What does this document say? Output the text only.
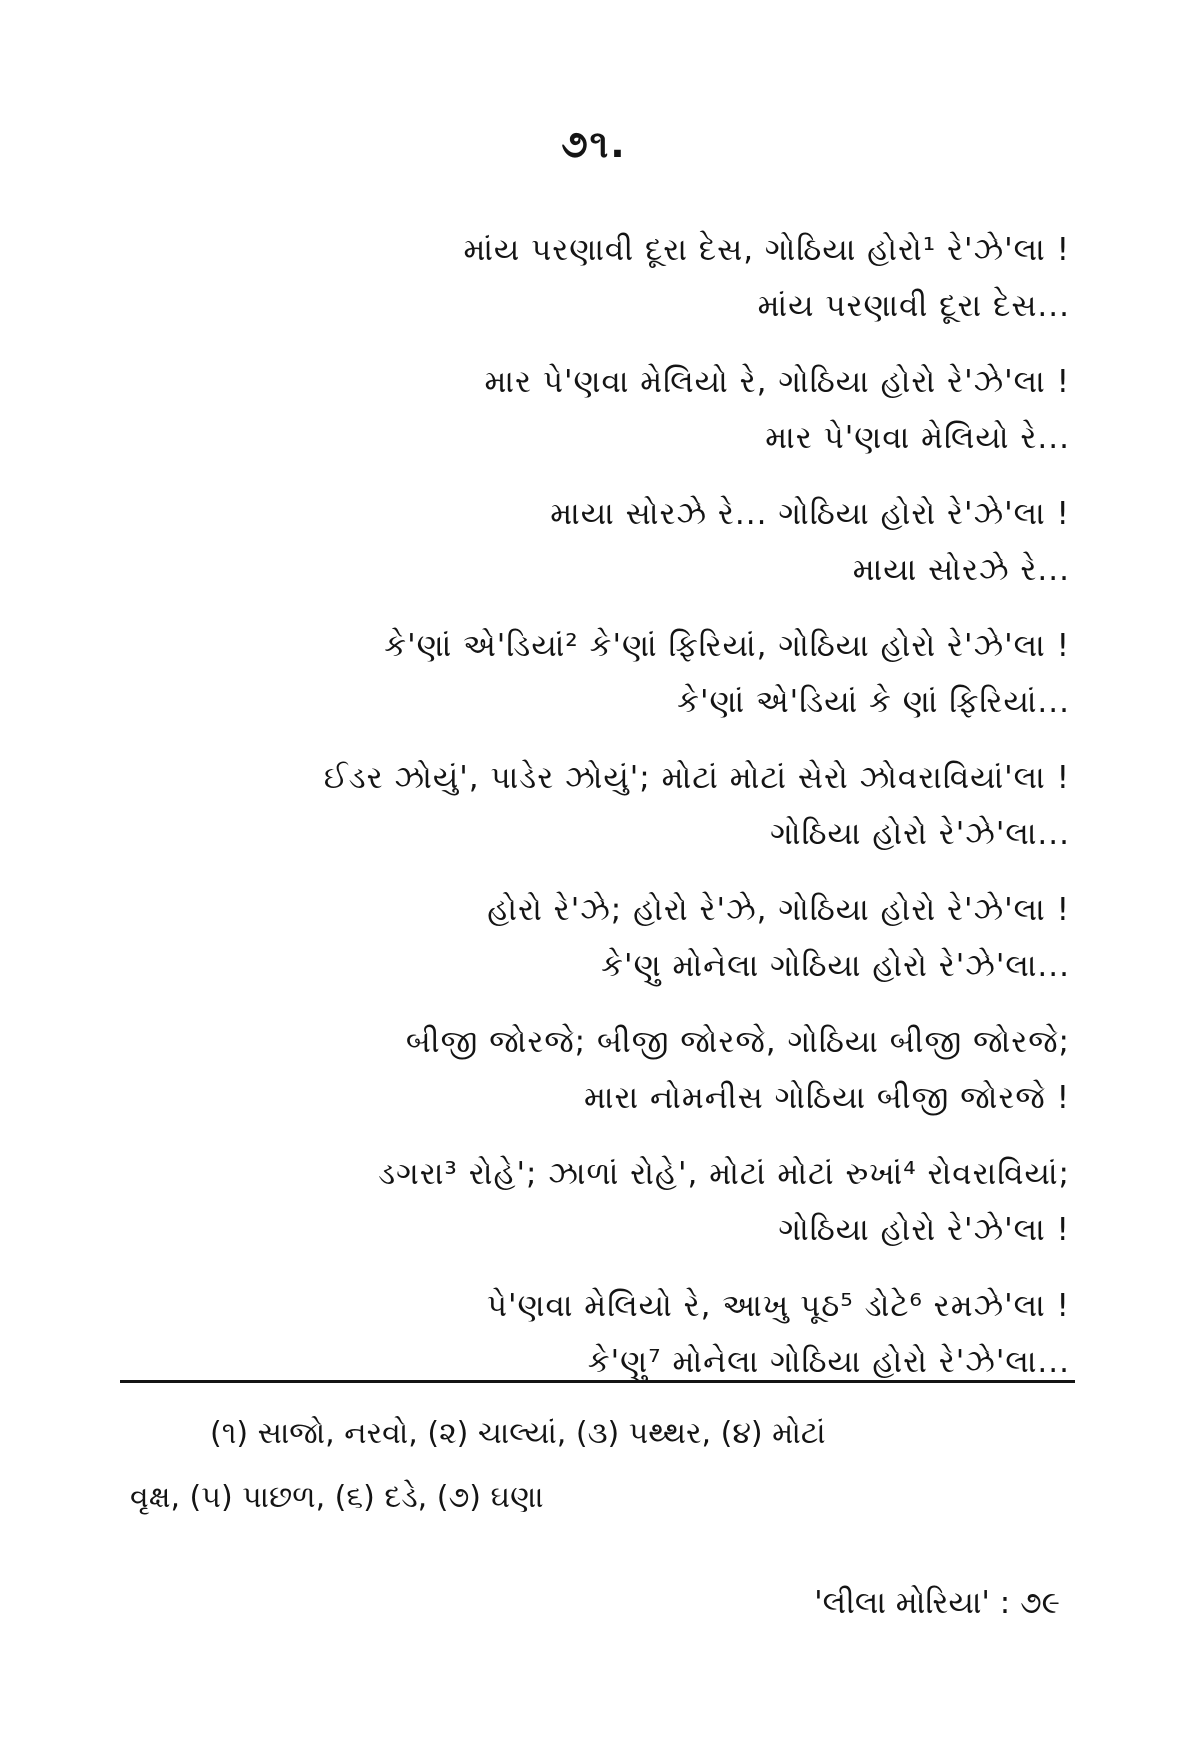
૭૧.
માંય પરણાવી દૂરા દેસ, ગોઠિયા હોરો¹ રે'ઝે'લા !
માંય પરણાવી દૂરા દેસ...
માર પે'ણવા મેલિયો રે, ગોઠિયા હોરો રે'ઝે'લા !
માર પે'ણવા મેલિયો રે...
માયા સોરઝે રે... ગોઠિયા હોરો રે'ઝે'લા !
માયા સોરઝે રે...
કે'ણાં એ'ડિયાં² કે'ણાં ફિરિયાં, ગોઠિયા હોરો રે'ઝે'લા !
કે'ણાં એ'ડિયાં કે ણાં ફિરિયાં...
ઈડર ઝોયું', પાડેર ઝોયું'; મોટાં મોટાં સેરો ઝોવરાવિયાં'લા !
ગોઠિયા હોરો રે'ઝે'લા...
હોરો રે'ઝે; હોરો રે'ઝે, ગોઠિયા હોરો રે'ઝે'લા !
કે'ણુ મોનેલા ગોઠિયા હોરો રે'ઝે'લા...
બીજી જોરજે; બીજી જોરજે, ગોઠિયા બીજી જોરજે;
મારા નોમનીસ ગોઠિયા બીજી જોરજે !
ડગરા³ રોહે'; ઝાળાં રોહે', મોટાં મોટાં રુખાં⁴ રોવરાવિયાં;
ગોઠિયા હોરો રે'ઝે'લા !
પે'ણવા મેલિયો રે, આખુ પૂઠ⁵ ડોટે⁶ રમઝે'લા !
કે'ણુ⁷ મોનેલા ગોઠિયા હોરો રે'ઝે'લા...
(૧) સાજો, નરવો, (૨) ચાલ્યાં, (૩) પથ્થર, (૪) મોટાં
વૃક્ષ, (૫) પાછળ, (૬) દડે, (૭) ઘણા
'લીલા મોરિયા' : ૭૯
